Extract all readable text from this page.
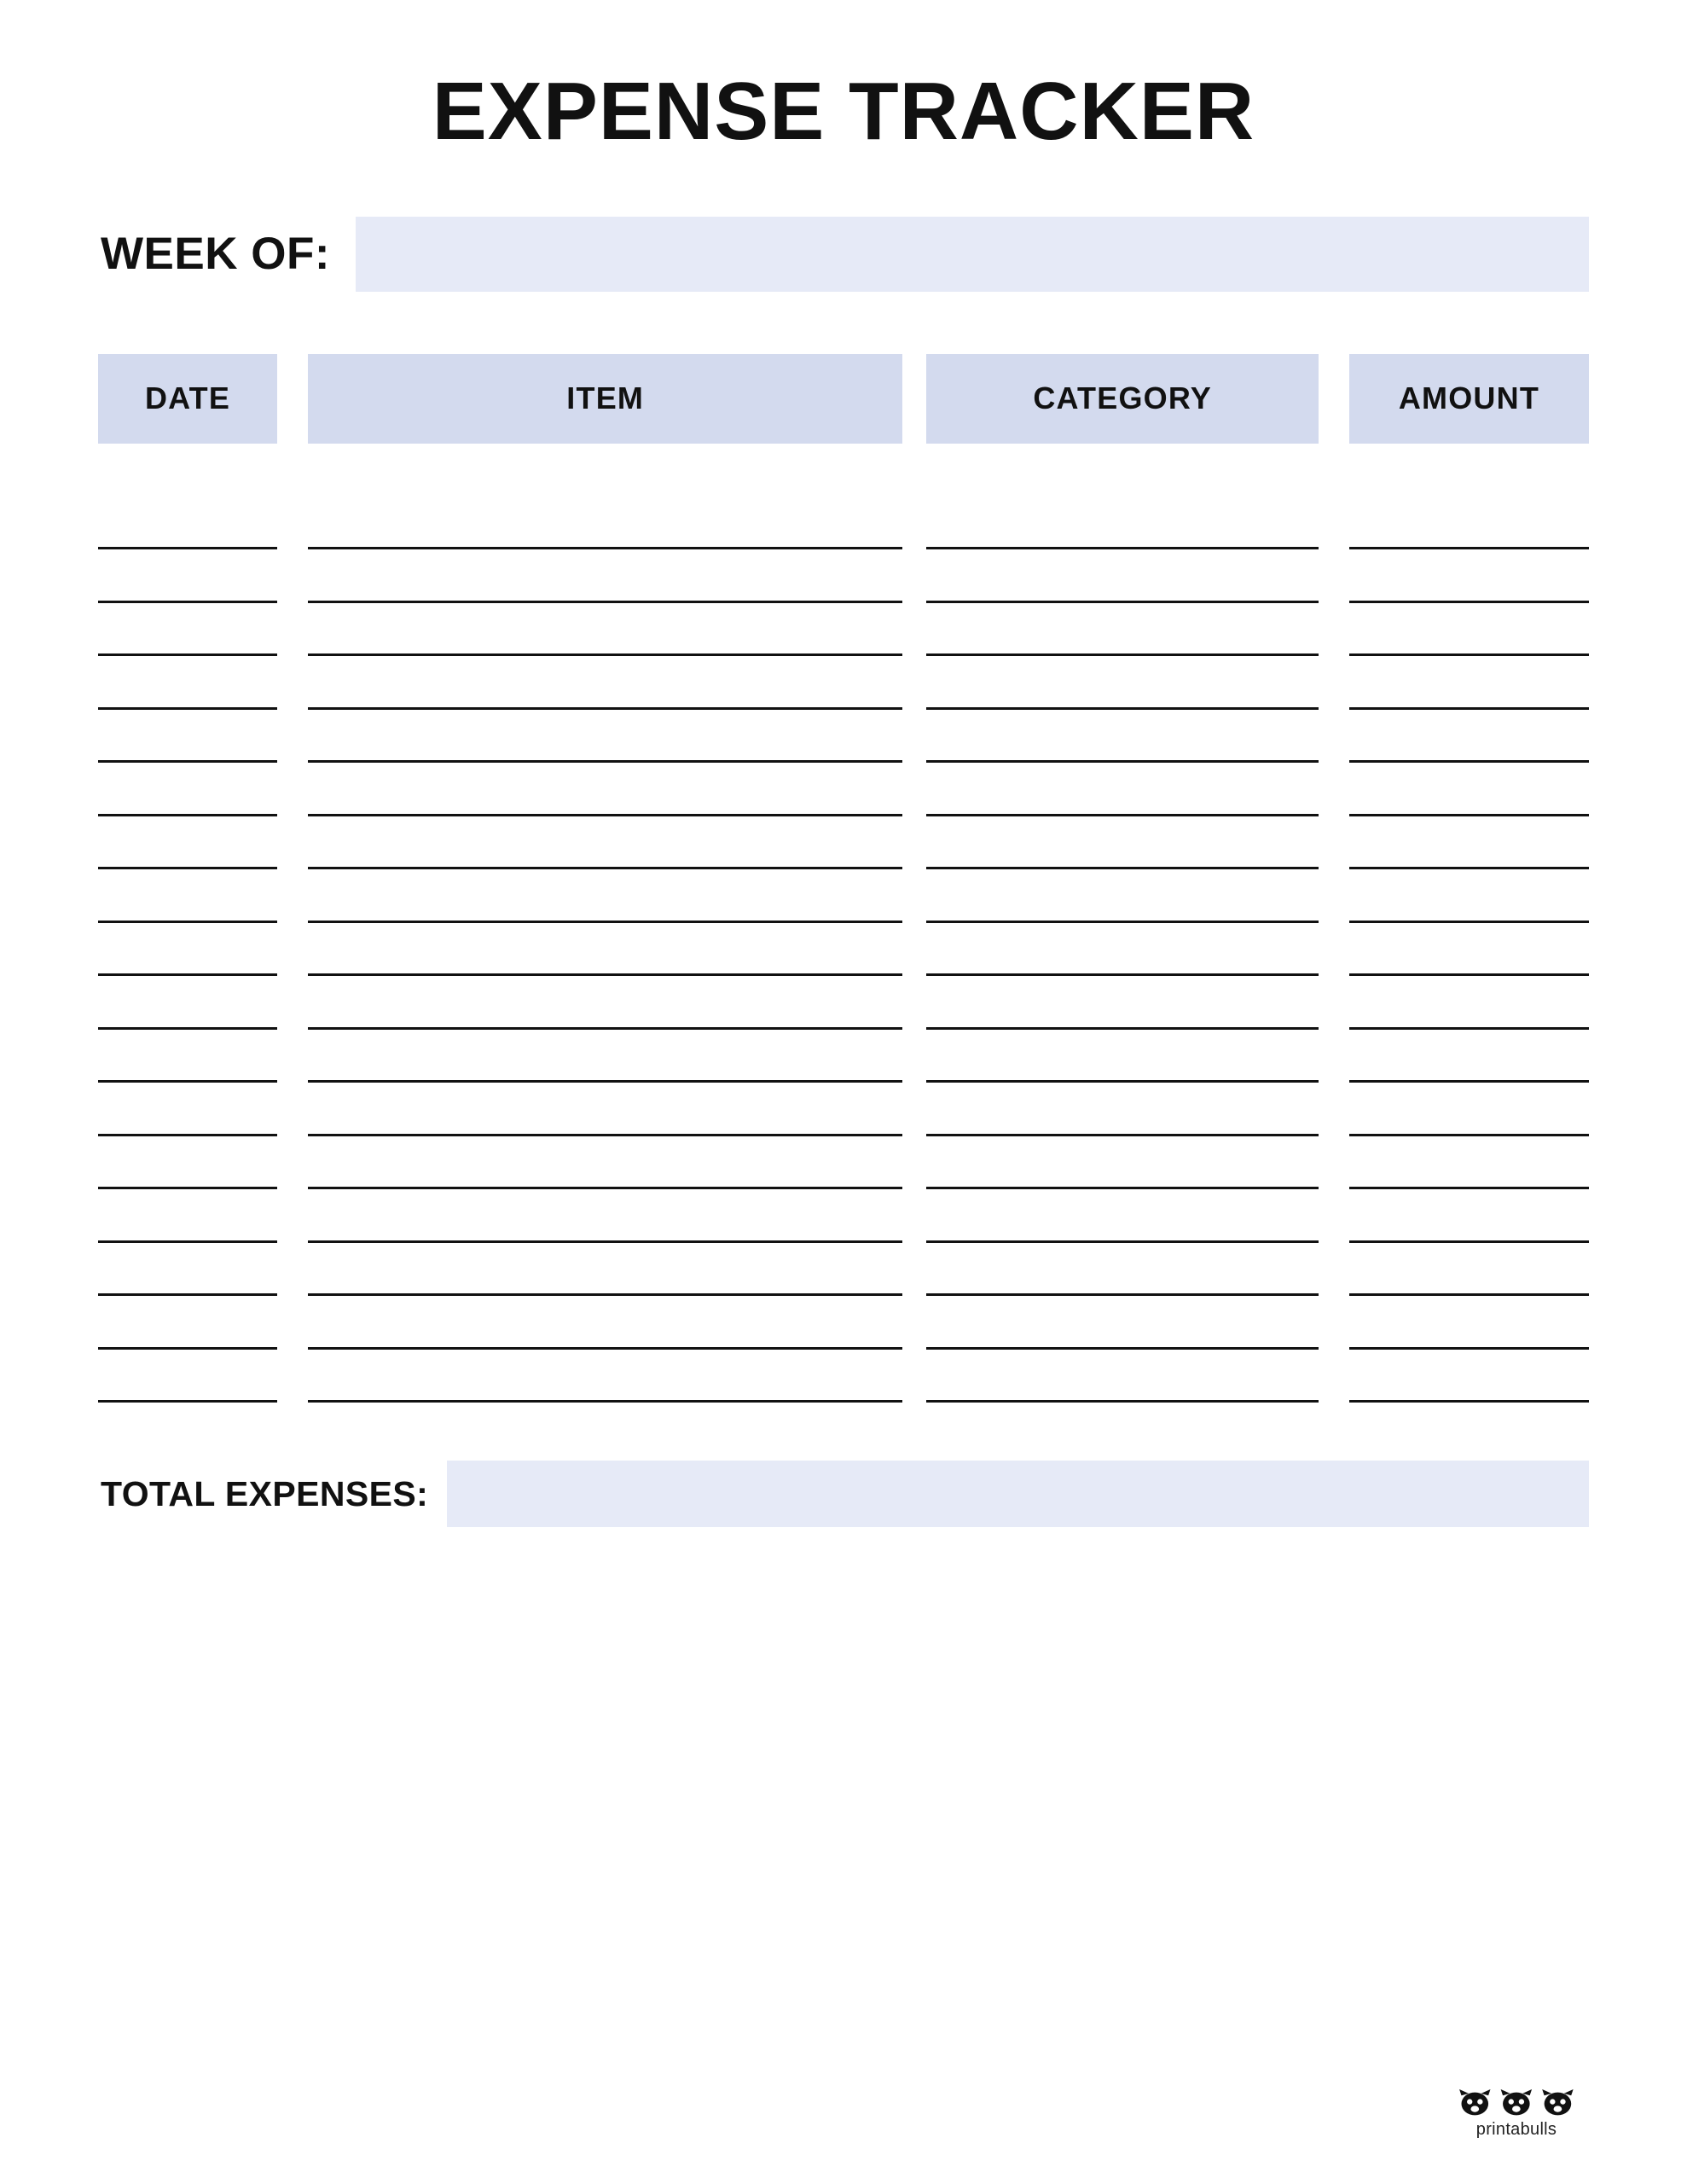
EXPENSE TRACKER
WEEK OF:
DATE	ITEM	CATEGORY	AMOUNT
TOTAL EXPENSES:
printabulls
